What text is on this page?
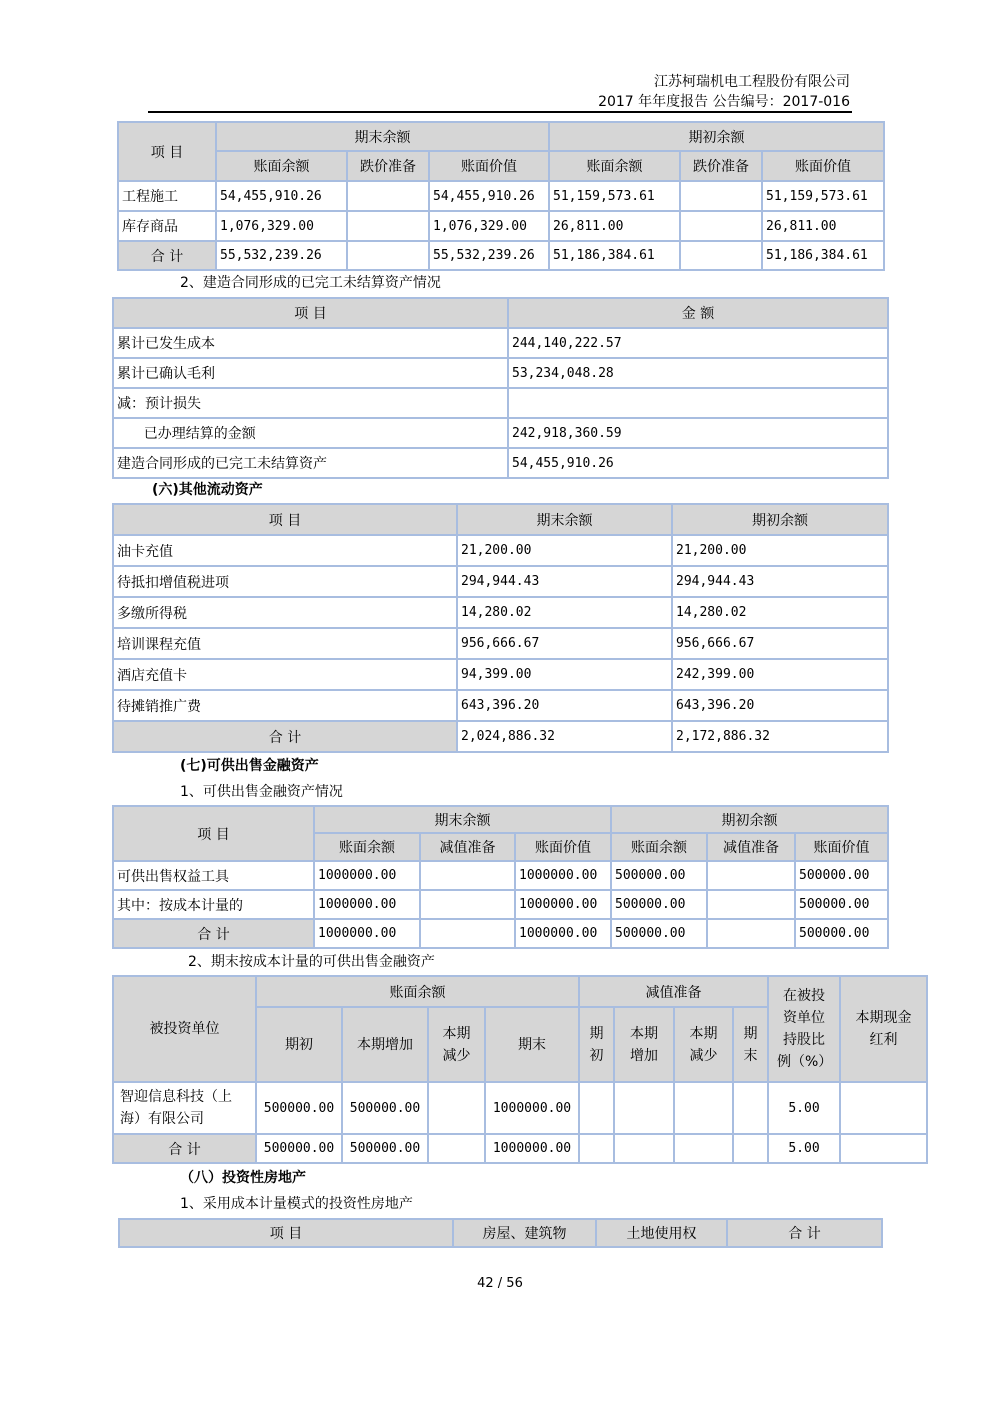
江苏柯瑞机电工程股份有限公司
2017 年年度报告 公告编号：2017-016
项 目	期末余额			期初余额		
	账面余额	跌价准备	账面价值	账面余额	跌价准备	账面价值
工程施工	54,455,910.26		54,455,910.26	51,159,573.61		51,159,573.61
库存商品	1,076,329.00		1,076,329.00	26,811.00		26,811.00
合 计	55,532,239.26		55,532,239.26	51,186,384.61		51,186,384.61
2、建造合同形成的已完工未结算资产情况
项 目	金 额
累计已发生成本	244,140,222.57
累计已确认毛利	53,234,048.28
减：预计损失	
已办理结算的金额	242,918,360.59
建造合同形成的已完工未结算资产	54,455,910.26
(六)其他流动资产
项 目	期末余额	期初余额
油卡充值	21,200.00	21,200.00
待抵扣增值税进项	294,944.43	294,944.43
多缴所得税	14,280.02	14,280.02
培训课程充值	956,666.67	956,666.67
酒店充值卡	94,399.00	242,399.00
待摊销推广费	643,396.20	643,396.20
合 计	2,024,886.32	2,172,886.32
(七)可供出售金融资产
1、可供出售金融资产情况
项 目	期末余额			期初余额		
	账面余额	减值准备	账面价值	账面余额	减值准备	账面价值
可供出售权益工具	1000000.00		1000000.00	500000.00		500000.00
其中：按成本计量的	1000000.00		1000000.00	500000.00		500000.00
合 计	1000000.00		1000000.00	500000.00		500000.00
2、期末按成本计量的可供出售金融资产
被投资单位	账面余额				减值准备				在被投资单位持股比例（%）	本期现金红利
	期初	本期增加	本期减少	期末	期初	本期增加	本期减少	期末		
智迎信息科技（上海）有限公司	500000.00	500000.00		1000000.00					5.00	
合 计	500000.00	500000.00		1000000.00					5.00	
（八）投资性房地产
1、采用成本计量模式的投资性房地产
项 目	房屋、建筑物	土地使用权	合 计
42 / 56
